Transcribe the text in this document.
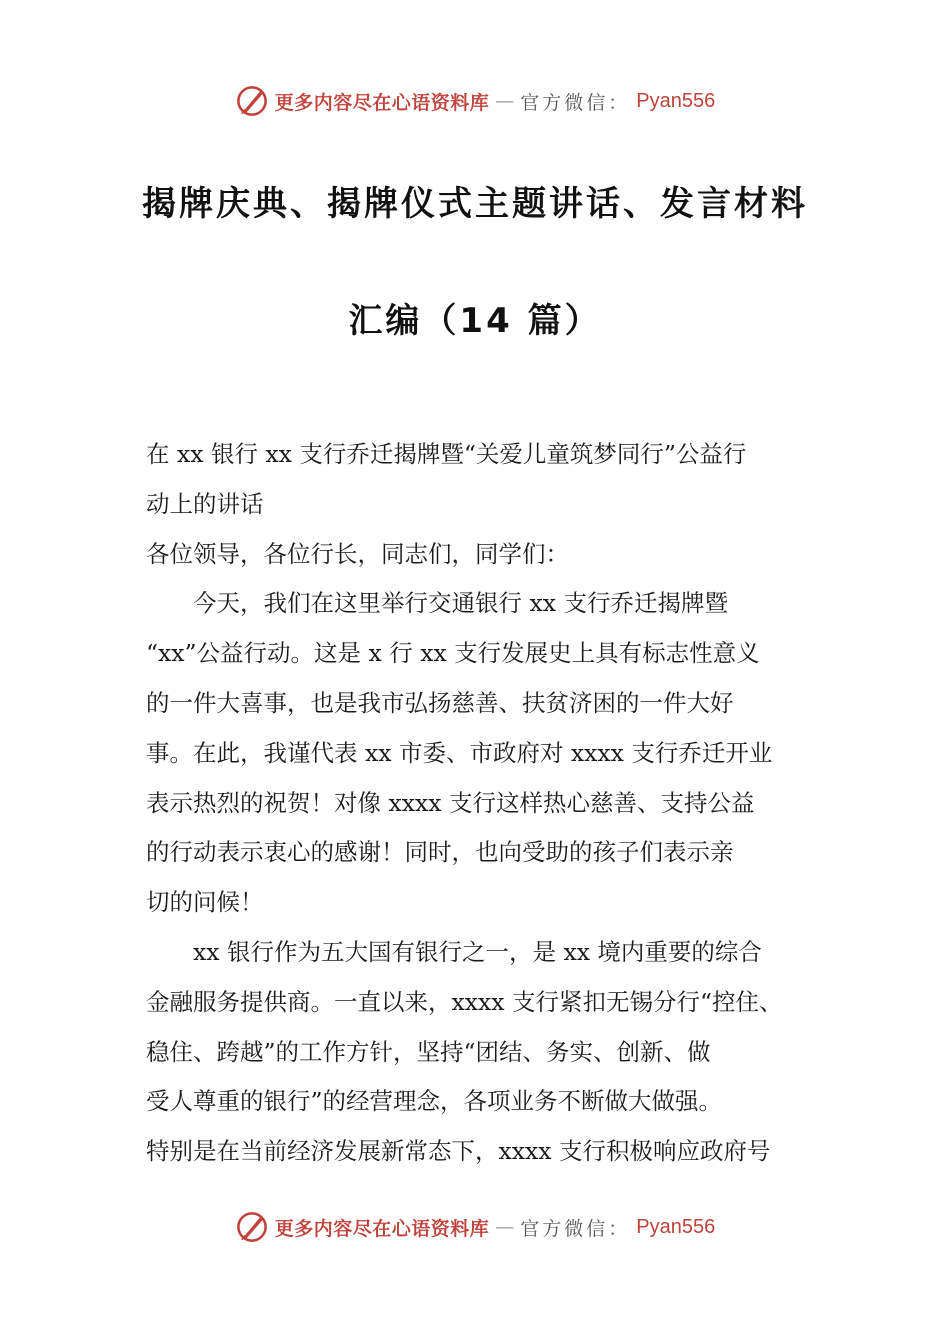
更多内容尽在心语资料库 — 官方微信： Pyan556
揭牌庆典、揭牌仪式主题讲话、发言材料
汇编（14 篇）

在 xx 银行 xx 支行乔迁揭牌暨“关爱儿童筑梦同行”公益行

动上的讲话

各位领导，各位行长，同志们，同学们：

　　今天，我们在这里举行交通银行 xx 支行乔迁揭牌暨

“xx”公益行动。这是 x 行 xx 支行发展史上具有标志性意义

的一件大喜事，也是我市弘扬慈善、扶贫济困的一件大好

事。在此，我谨代表 xx 市委、市政府对 xxxx 支行乔迁开业

表示热烈的祝贺！对像 xxxx 支行这样热心慈善、支持公益

的行动表示衷心的感谢！同时，也向受助的孩子们表示亲

切的问候！

　　xx 银行作为五大国有银行之一，是 xx 境内重要的综合

金融服务提供商。一直以来，xxxx 支行紧扣无锡分行“控住、

稳住、跨越”的工作方针，坚持“团结、务实、创新、做

受人尊重的银行”的经营理念，各项业务不断做大做强。

特别是在当前经济发展新常态下，xxxx 支行积极响应政府号

更多内容尽在心语资料库 — 官方微信： Pyan556
